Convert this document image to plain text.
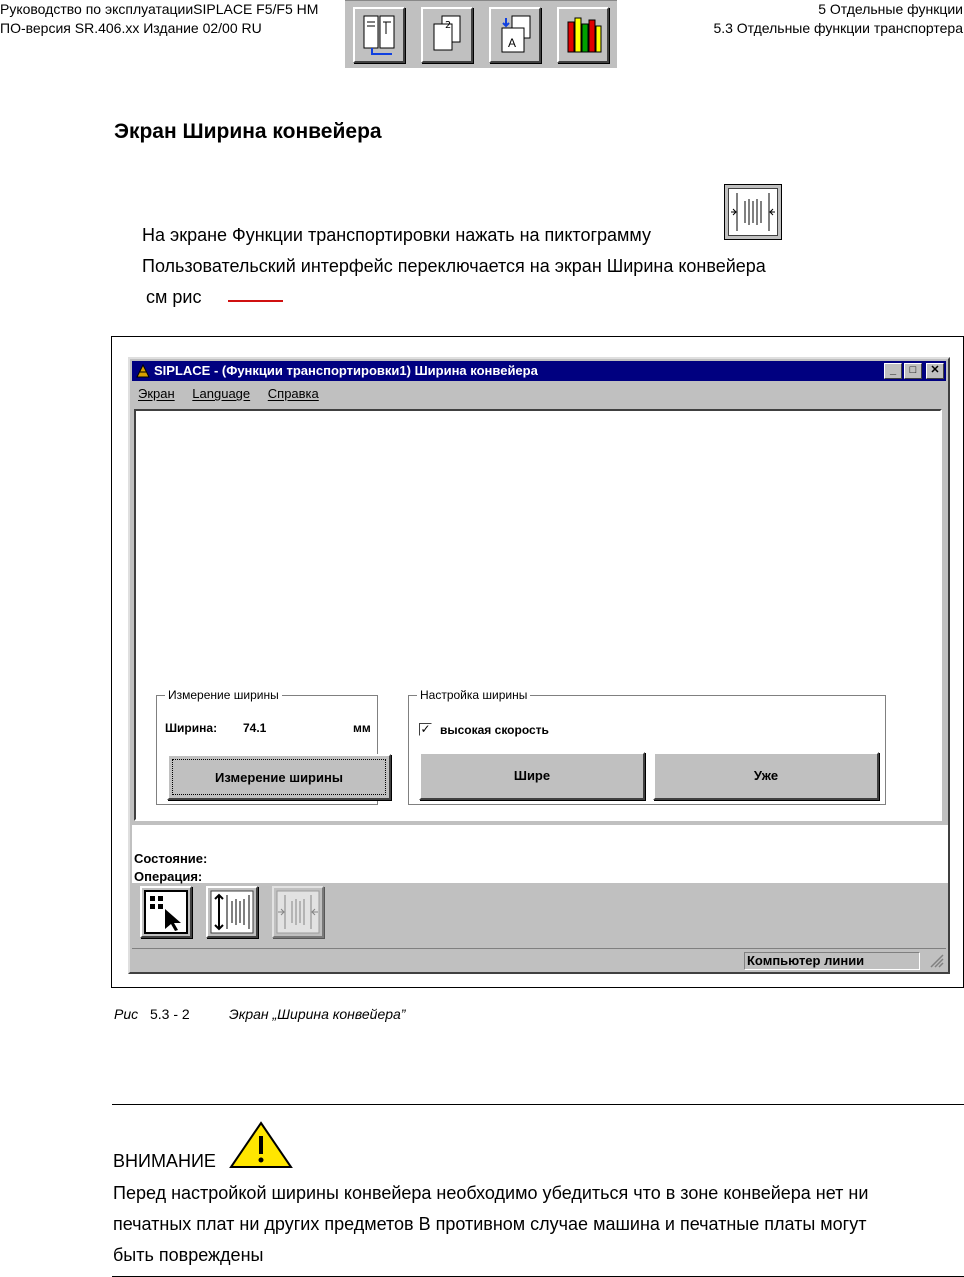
Руководство по эксплуатацииSIPLACE F5/F5 HM
ПО-версия SR.406.xx Издание 02/00 RU	2
A
5 Отдельные функции
5.3 Отдельные функции транспортера
Экран Ширина конвейера
На экране Функции транспортировки нажать на пиктограмму
Пользовательский интерфейс переключается на экран Ширина конвейера
см рис
SIPLACE - (Функции транспортировки1) Ширина конвейера	_	□	✕
Экран Language Справка
Измерение ширины
Ширина: 74.1	мм
Измерение ширины
Настройка ширины
✓ высокая скорость
Шире	Уже
Состояние:
Операция:
Компьютер линии
Рис 5.3 - 2	Экран „Ширина конвейера”
ВНИМАНИЕ
Перед настройкой ширины конвейера необходимо убедиться что в зоне конвейера нет ни
печатных плат ни других предметов В противном случае машина и печатные платы могут
быть повреждены
